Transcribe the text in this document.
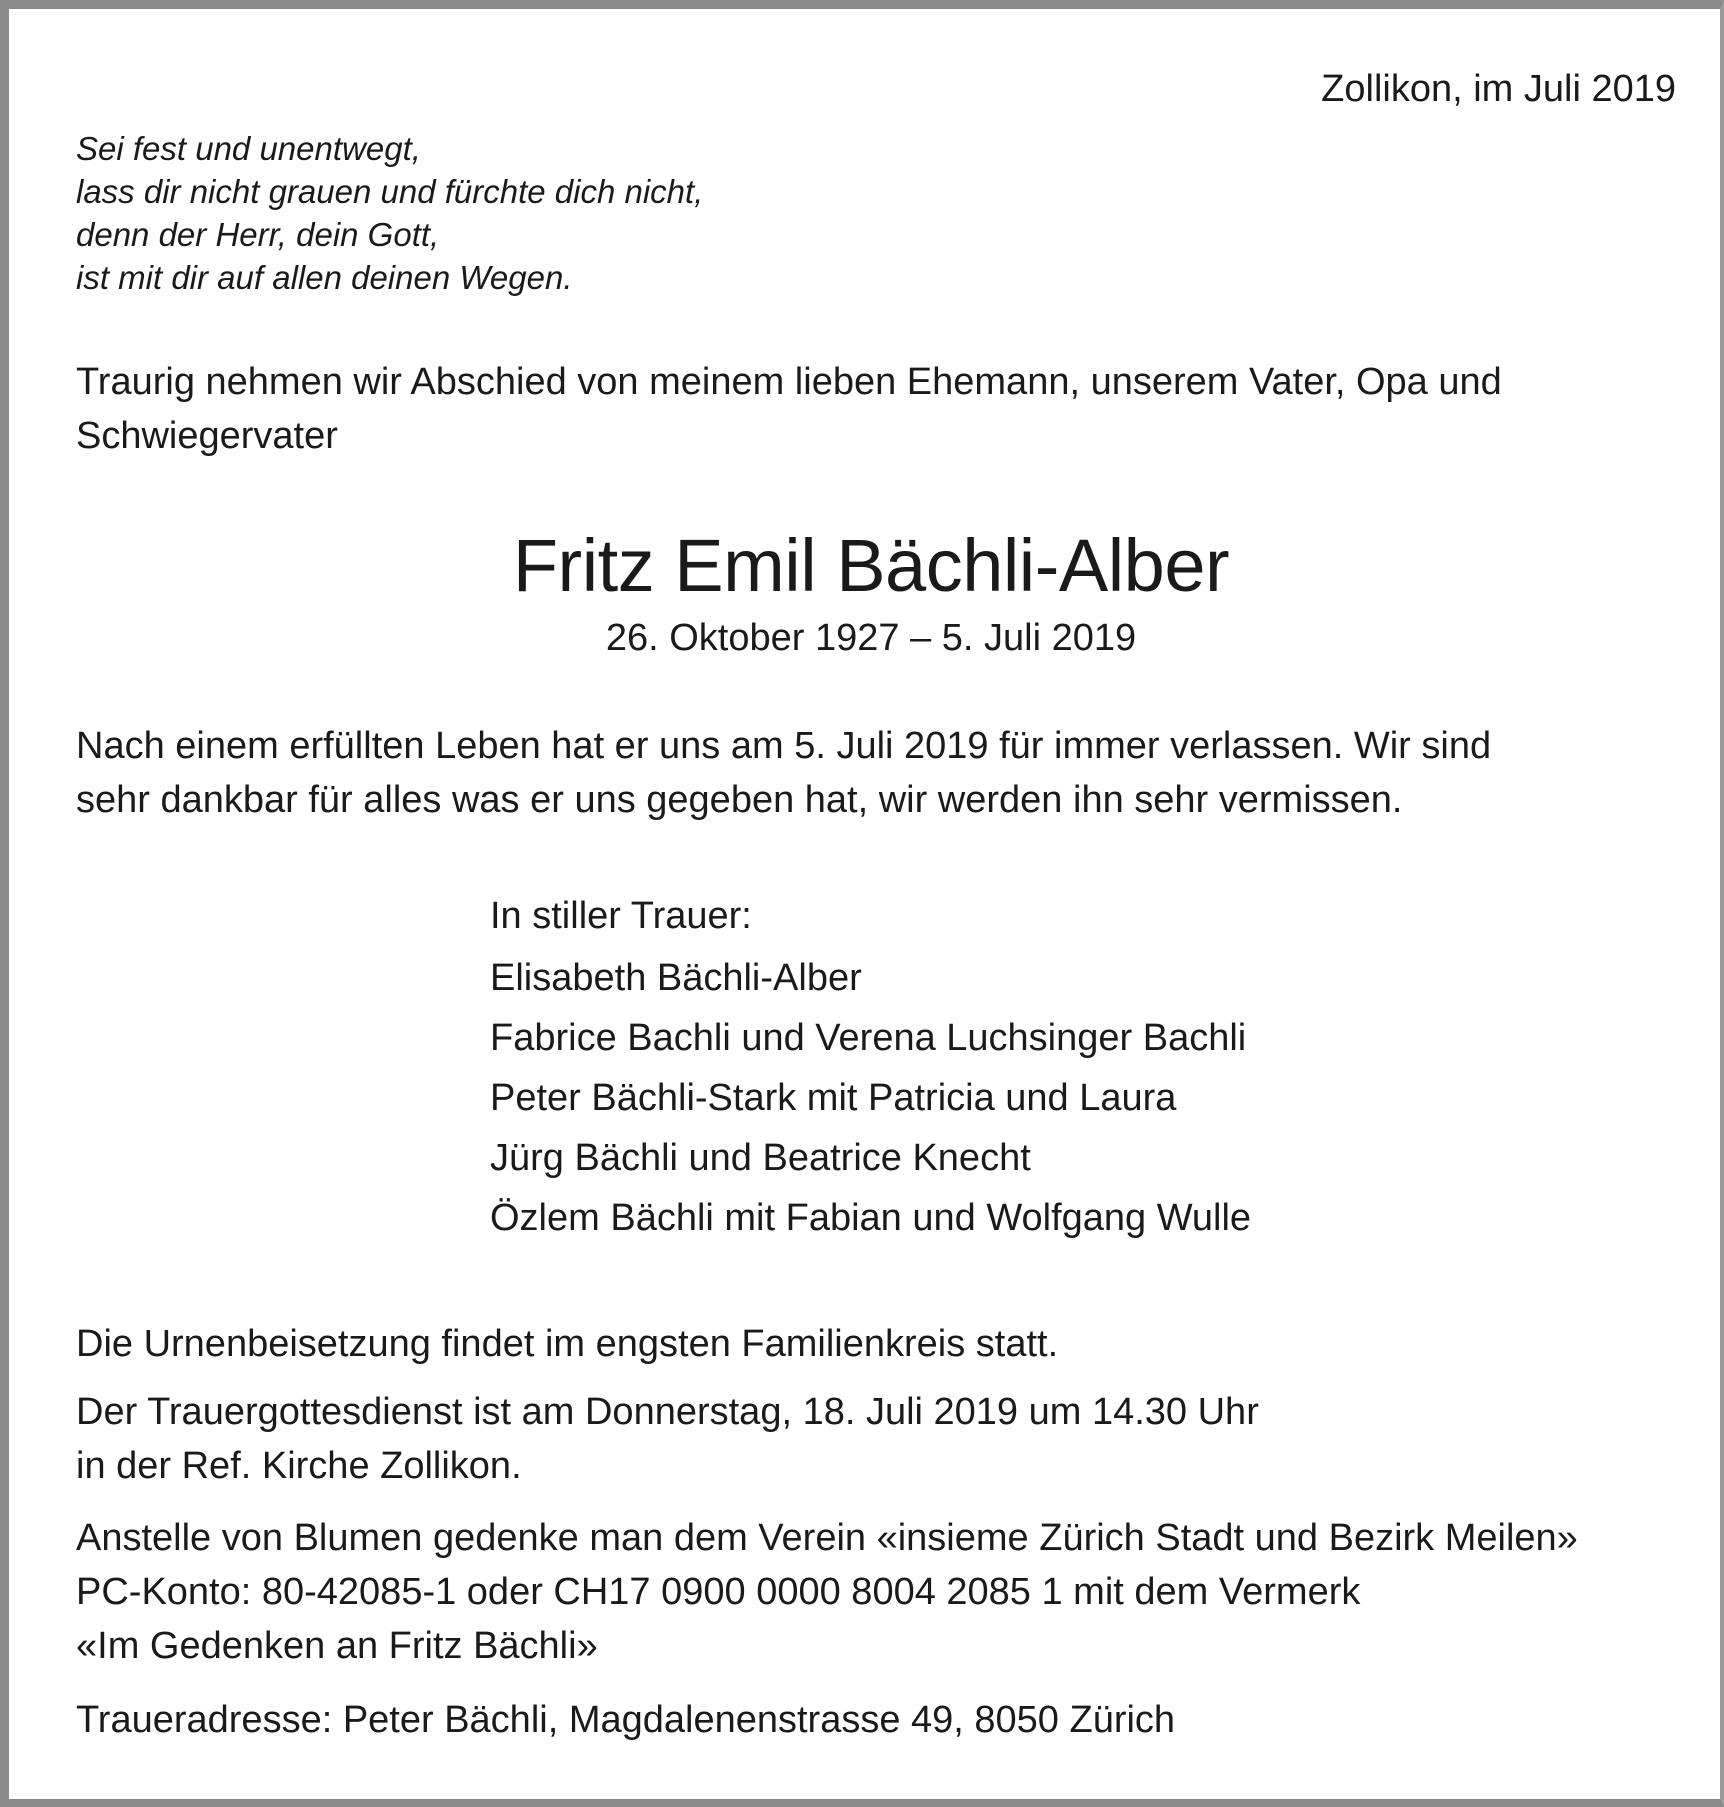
Zollikon, im Juli 2019
Sei fest und unentwegt,
lass dir nicht grauen und fürchte dich nicht,
denn der Herr, dein Gott,
ist mit dir auf allen deinen Wegen.
Traurig nehmen wir Abschied von meinem lieben Ehemann, unserem Vater, Opa und
Schwiegervater
Fritz Emil Bächli-Alber
26. Oktober 1927 – 5. Juli 2019
Nach einem erfüllten Leben hat er uns am 5. Juli 2019 für immer verlassen. Wir sind
sehr dankbar für alles was er uns gegeben hat, wir werden ihn sehr vermissen.
In stiller Trauer:
Elisabeth Bächli-Alber
Fabrice Bachli und Verena Luchsinger Bachli
Peter Bächli-Stark mit Patricia und Laura
Jürg Bächli und Beatrice Knecht
Özlem Bächli mit Fabian und Wolfgang Wulle
Die Urnenbeisetzung findet im engsten Familienkreis statt.
Der Trauergottesdienst ist am Donnerstag, 18. Juli 2019 um 14.30 Uhr
in der Ref. Kirche Zollikon.
Anstelle von Blumen gedenke man dem Verein «insieme Zürich Stadt und Bezirk Meilen»
PC-Konto: 80-42085-1 oder CH17 0900 0000 8004 2085 1 mit dem Vermerk
«Im Gedenken an Fritz Bächli»
Traueradresse: Peter Bächli, Magdalenenstrasse 49, 8050 Zürich
